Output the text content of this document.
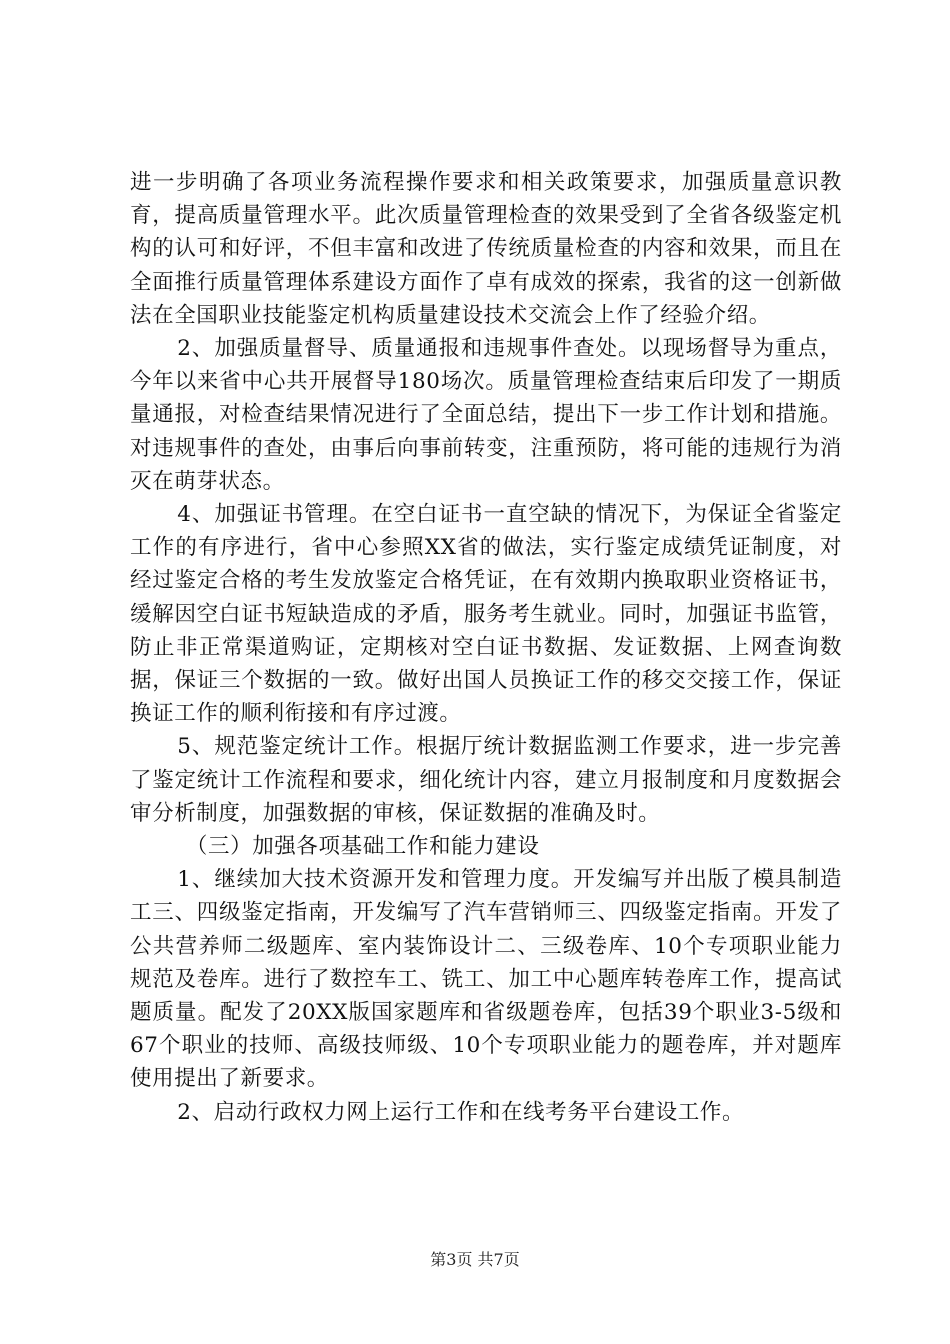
进一步明确了各项业务流程操作要求和相关政策要求，加强质量意识教育，提高质量管理水平。此次质量管理检查的效果受到了全省各级鉴定机构的认可和好评，不但丰富和改进了传统质量检查的内容和效果，而且在全面推行质量管理体系建设方面作了卓有成效的探索，我省的这一创新做法在全国职业技能鉴定机构质量建设技术交流会上作了经验介绍。

2、加强质量督导、质量通报和违规事件查处。以现场督导为重点，今年以来省中心共开展督导180场次。质量管理检查结束后印发了一期质量通报，对检查结果情况进行了全面总结，提出下一步工作计划和措施。对违规事件的查处，由事后向事前转变，注重预防，将可能的违规行为消灭在萌芽状态。

4、加强证书管理。在空白证书一直空缺的情况下，为保证全省鉴定工作的有序进行，省中心参照XX省的做法，实行鉴定成绩凭证制度，对经过鉴定合格的考生发放鉴定合格凭证，在有效期内换取职业资格证书，缓解因空白证书短缺造成的矛盾，服务考生就业。同时，加强证书监管，防止非正常渠道购证，定期核对空白证书数据、发证数据、上网查询数据，保证三个数据的一致。做好出国人员换证工作的移交交接工作，保证换证工作的顺利衔接和有序过渡。

5、规范鉴定统计工作。根据厅统计数据监测工作要求，进一步完善了鉴定统计工作流程和要求，细化统计内容，建立月报制度和月度数据会审分析制度，加强数据的审核，保证数据的准确及时。

（三）加强各项基础工作和能力建设

1、继续加大技术资源开发和管理力度。开发编写并出版了模具制造工三、四级鉴定指南，开发编写了汽车营销师三、四级鉴定指南。开发了公共营养师二级题库、室内装饰设计二、三级卷库、10个专项职业能力规范及卷库。进行了数控车工、铣工、加工中心题库转卷库工作，提高试题质量。配发了20XX版国家题库和省级题卷库，包括39个职业3-5级和67个职业的技师、高级技师级、10个专项职业能力的题卷库，并对题库使用提出了新要求。

2、启动行政权力网上运行工作和在线考务平台建设工作。

第3页 共7页
